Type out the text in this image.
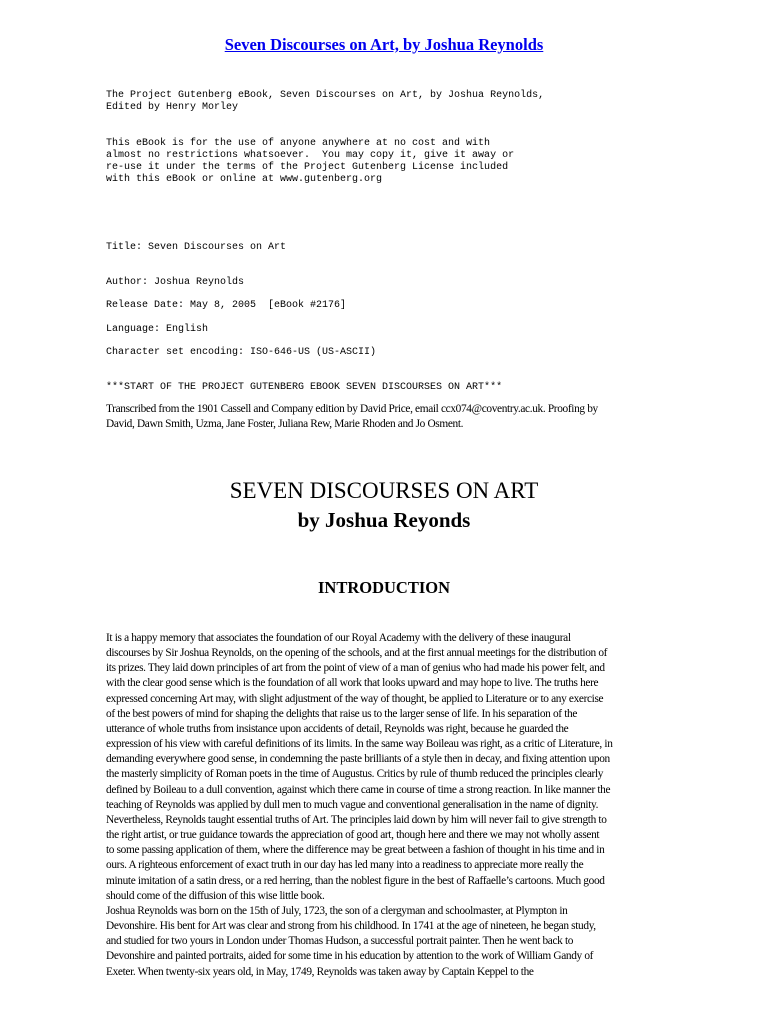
Seven Discourses on Art, by Joshua Reynolds
The Project Gutenberg eBook, Seven Discourses on Art, by Joshua Reynolds,
Edited by Henry Morley
This eBook is for the use of anyone anywhere at no cost and with
almost no restrictions whatsoever.  You may copy it, give it away or
re-use it under the terms of the Project Gutenberg License included
with this eBook or online at www.gutenberg.org
Title: Seven Discourses on Art
Author: Joshua Reynolds
Release Date: May 8, 2005  [eBook #2176]
Language: English
Character set encoding: ISO-646-US (US-ASCII)
***START OF THE PROJECT GUTENBERG EBOOK SEVEN DISCOURSES ON ART***
Transcribed from the 1901 Cassell and Company edition by David Price, email ccx074@coventry.ac.uk. Proofing by
David, Dawn Smith, Uzma, Jane Foster, Juliana Rew, Marie Rhoden and Jo Osment.
SEVEN DISCOURSES ON ART
by Joshua Reyonds
INTRODUCTION
It is a happy memory that associates the foundation of our Royal Academy with the delivery of these inaugural
discourses by Sir Joshua Reynolds, on the opening of the schools, and at the first annual meetings for the distribution of
its prizes. They laid down principles of art from the point of view of a man of genius who had made his power felt, and
with the clear good sense which is the foundation of all work that looks upward and may hope to live. The truths here
expressed concerning Art may, with slight adjustment of the way of thought, be applied to Literature or to any exercise
of the best powers of mind for shaping the delights that raise us to the larger sense of life. In his separation of the
utterance of whole truths from insistance upon accidents of detail, Reynolds was right, because he guarded the
expression of his view with careful definitions of its limits. In the same way Boileau was right, as a critic of Literature, in
demanding everywhere good sense, in condemning the paste brilliants of a style then in decay, and fixing attention upon
the masterly simplicity of Roman poets in the time of Augustus. Critics by rule of thumb reduced the principles clearly
defined by Boileau to a dull convention, against which there came in course of time a strong reaction. In like manner the
teaching of Reynolds was applied by dull men to much vague and conventional generalisation in the name of dignity.
Nevertheless, Reynolds taught essential truths of Art. The principles laid down by him will never fail to give strength to
the right artist, or true guidance towards the appreciation of good art, though here and there we may not wholly assent
to some passing application of them, where the difference may be great between a fashion of thought in his time and in
ours. A righteous enforcement of exact truth in our day has led many into a readiness to appreciate more really the
minute imitation of a satin dress, or a red herring, than the noblest figure in the best of Raffaelle’s cartoons. Much good
should come of the diffusion of this wise little book.
Joshua Reynolds was born on the 15th of July, 1723, the son of a clergyman and schoolmaster, at Plympton in
Devonshire. His bent for Art was clear and strong from his childhood. In 1741 at the age of nineteen, he began study,
and studied for two yours in London under Thomas Hudson, a successful portrait painter. Then he went back to
Devonshire and painted portraits, aided for some time in his education by attention to the work of William Gandy of
Exeter. When twenty-six years old, in May, 1749, Reynolds was taken away by Captain Keppel to the
